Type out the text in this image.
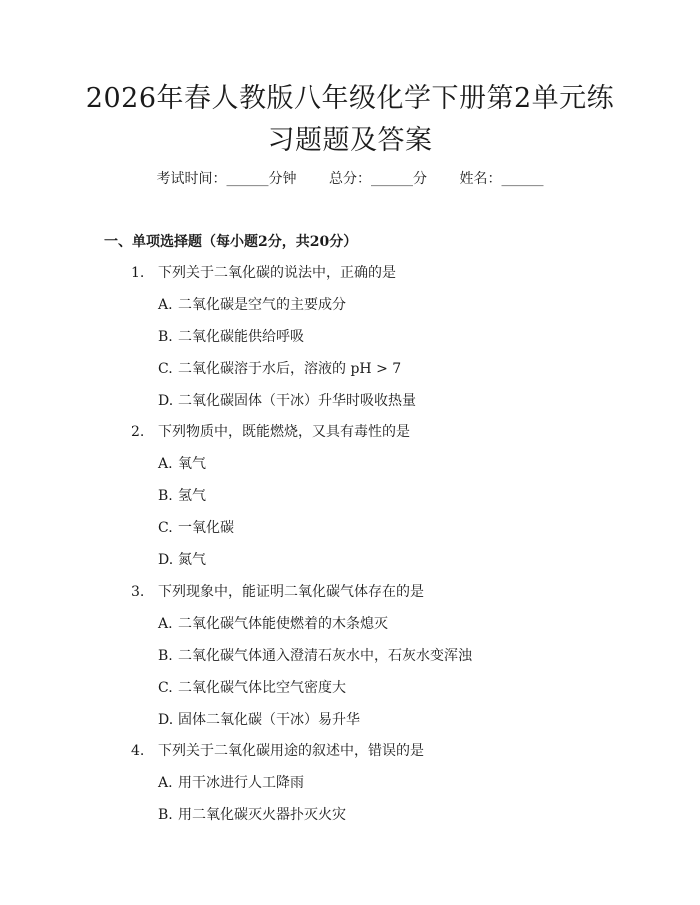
2026年春人教版八年级化学下册第2单元练
习题题及答案
考试时间：______分钟 总分：______分 姓名：______
一、单项选择题（每小题2分，共20分）
1. 下列关于二氧化碳的说法中，正确的是
A. 二氧化碳是空气的主要成分
B. 二氧化碳能供给呼吸
C. 二氧化碳溶于水后，溶液的 pH > 7
D. 二氧化碳固体（干冰）升华时吸收热量
2. 下列物质中，既能燃烧，又具有毒性的是
A. 氧气
B. 氢气
C. 一氧化碳
D. 氮气
3. 下列现象中，能证明二氧化碳气体存在的是
A. 二氧化碳气体能使燃着的木条熄灭
B. 二氧化碳气体通入澄清石灰水中，石灰水变浑浊
C. 二氧化碳气体比空气密度大
D. 固体二氧化碳（干冰）易升华
4. 下列关于二氧化碳用途的叙述中，错误的是
A. 用干冰进行人工降雨
B. 用二氧化碳灭火器扑灭火灾
